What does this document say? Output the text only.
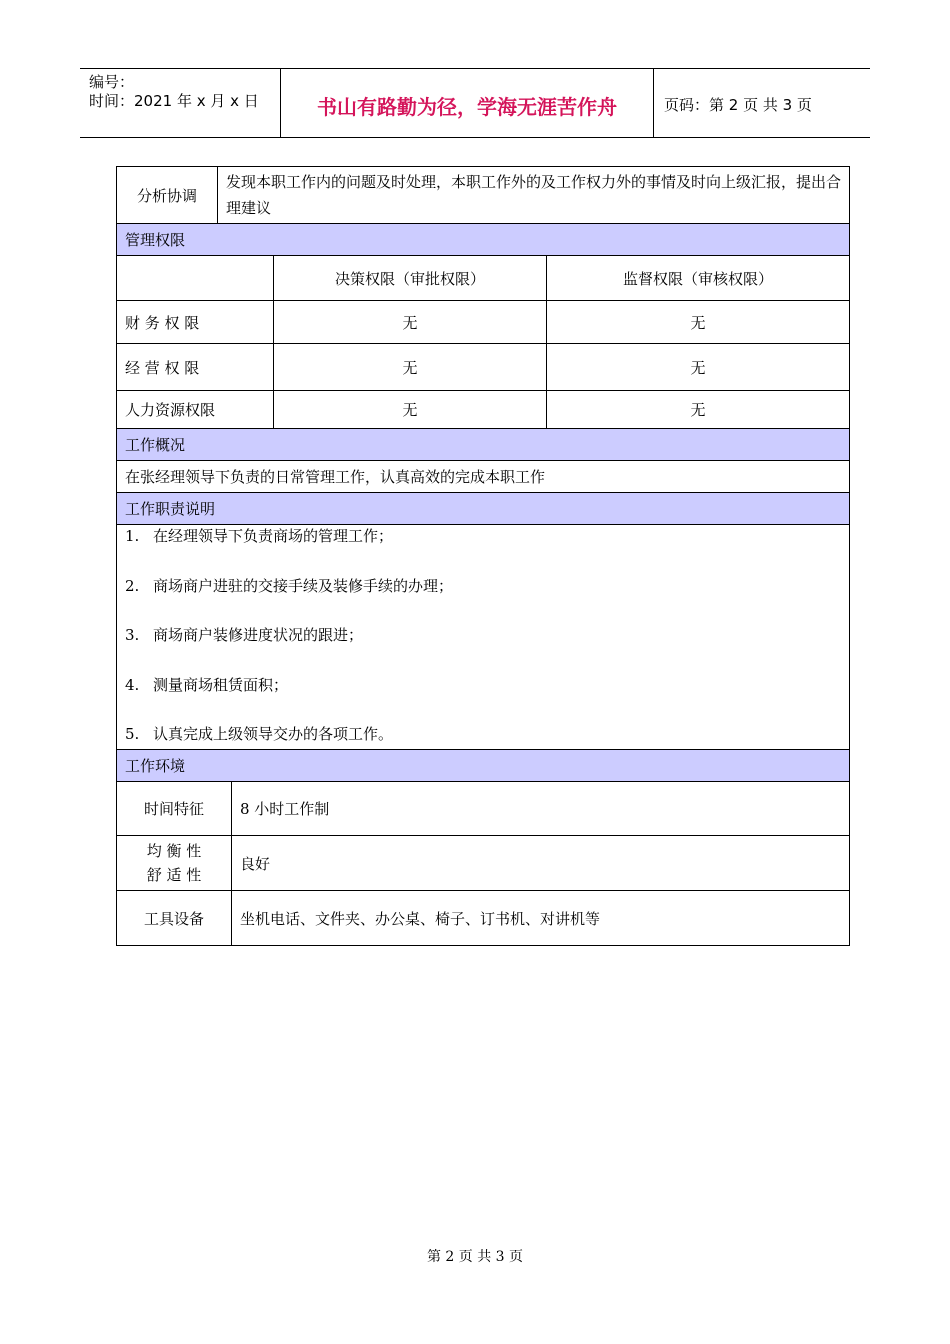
编号：
时间：2021 年 x 月 x 日	书山有路勤为径，学海无涯苦作舟	页码：第 2 页 共 3 页
分析协调	发现本职工作内的问题及时处理，本职工作外的及工作权力外的事情及时向上级汇报，提出合理建议			
管理权限				
			决策权限（审批权限）	监督权限（审核权限）
财 务 权 限			无	无
经 营 权 限			无	无
人力资源权限			无	无
工作概况				
在张经理领导下负责的日常管理工作，认真高效的完成本职工作				
工作职责说明				

1. 在经理领导下负责商场的管理工作；
2. 商场商户进驻的交接手续及装修手续的办理；
3. 商场商户装修进度状况的跟进；
4. 测量商场租赁面积；
5. 认真完成上级领导交办的各项工作。				

工作环境				
时间特征		8 小时工作制		

均 衡 性
舒 适 性		良好		
工具设备		坐机电话、文件夹、办公桌、椅子、订书机、对讲机等		
第 2 页 共 3 页
